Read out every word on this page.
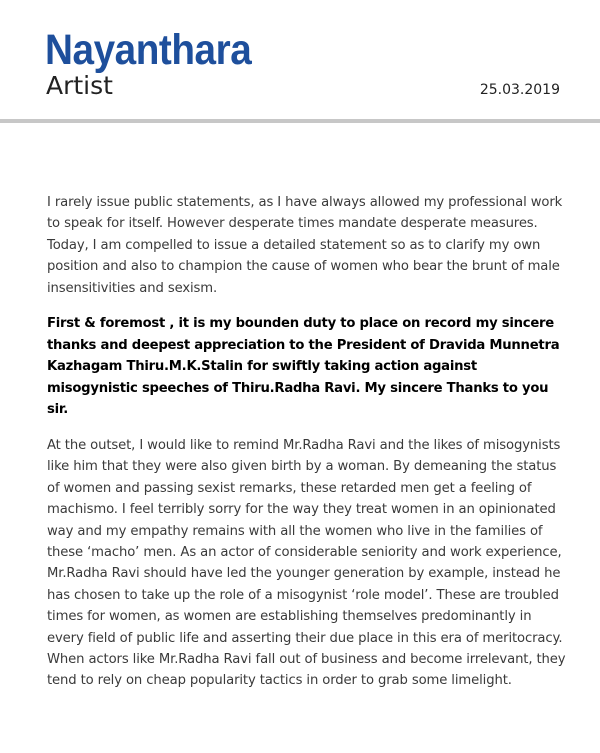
Nayanthara
Artist	25.03.2019

I rarely issue public statements, as I have always allowed my professional work to speak for itself. However desperate times mandate desperate measures. Today, I am compelled to issue a detailed statement so as to clarify my own position and also to champion the cause of women who bear the brunt of male insensitivities and sexism.

First & foremost , it is my bounden duty to place on record my sincere thanks and deepest appreciation to the President of Dravida Munnetra Kazhagam Thiru.M.K.Stalin for swiftly taking action against misogynistic speeches of Thiru.Radha Ravi. My sincere Thanks to you sir.

At the outset, I would like to remind Mr.Radha Ravi and the likes of misogynists like him that they were also given birth by a woman. By demeaning the status of women and passing sexist remarks, these retarded men get a feeling of machismo. I feel terribly sorry for the way they treat women in an opinionated way and my empathy remains with all the women who live in the families of these ‘macho’ men. As an actor of considerable seniority and work experience, Mr.Radha Ravi should have led the younger generation by example, instead he has chosen to take up the role of a misogynist ‘role model’. These are troubled times for women, as women are establishing themselves predominantly in every field of public life and asserting their due place in this era of meritocracy. When actors like Mr.Radha Ravi fall out of business and become irrelevant, they tend to rely on cheap popularity tactics in order to grab some limelight.
